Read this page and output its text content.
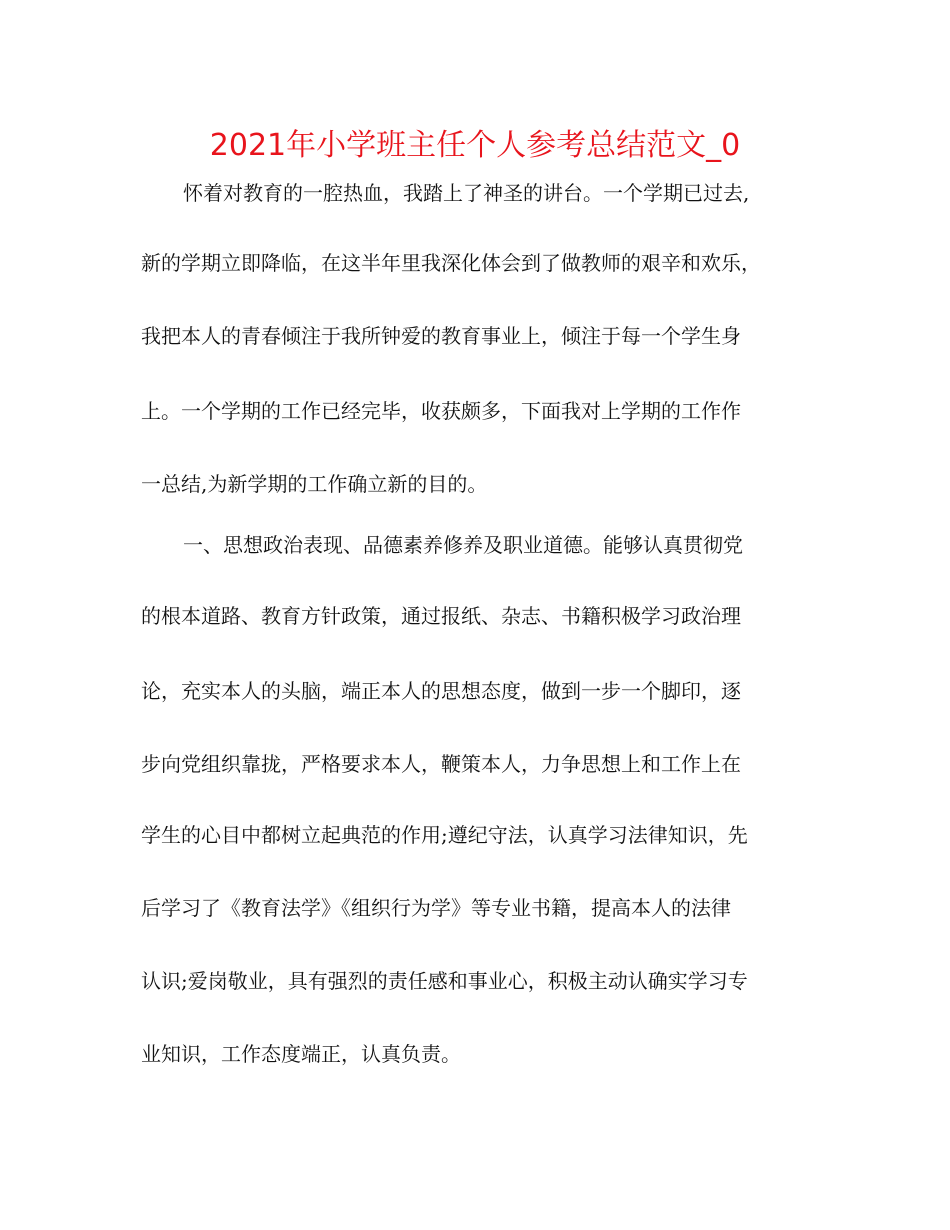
2021年小学班主任个人参考总结范文_0
怀着对教育的一腔热血，我踏上了神圣的讲台。一个学期已过去,
新的学期立即降临，在这半年里我深化体会到了做教师的艰辛和欢乐，
我把本人的青春倾注于我所钟爱的教育事业上，倾注于每一个学生身
上。一个学期的工作已经完毕，收获颇多，下面我对上学期的工作作
一总结,为新学期的工作确立新的目的。
一、思想政治表现、品德素养修养及职业道德。能够认真贯彻党
的根本道路、教育方针政策，通过报纸、杂志、书籍积极学习政治理
论，充实本人的头脑，端正本人的思想态度，做到一步一个脚印，逐
步向党组织靠拢，严格要求本人，鞭策本人，力争思想上和工作上在
学生的心目中都树立起典范的作用;遵纪守法，认真学习法律知识，先
后学习了《教育法学》《组织行为学》等专业书籍，提高本人的法律
认识;爱岗敬业，具有强烈的责任感和事业心，积极主动认确实学习专
业知识，工作态度端正，认真负责。
